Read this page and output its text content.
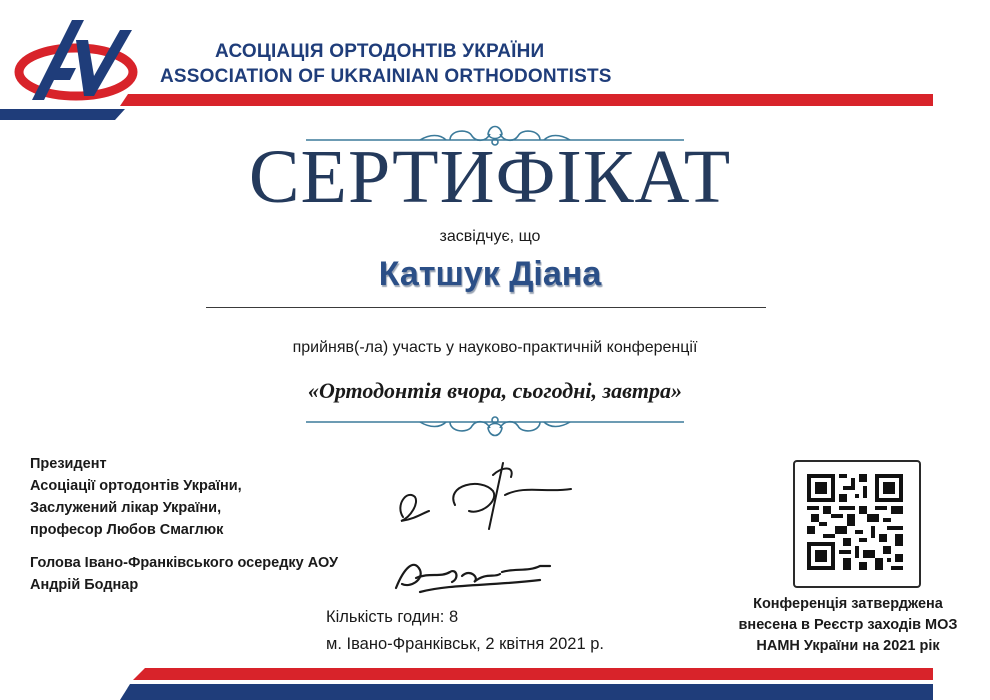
АСОЦІАЦІЯ ОРТОДОНТІВ УКРАЇНИ
ASSOCIATION OF UKRAINIAN ORTHODONTISTS
СЕРТИФІКАТ
засвідчує, що
Катшук Діана
прийняв(-ла) участь у науково-практичній конференції
«Ортодонтія вчора, сьогодні, завтра»
Президент
Асоціації ортодонтів України,
Заслужений лікар України,
професор Любов Смаглюк
Голова Івано-Франківського осередку АОУ
Андрій Боднар
Кількість годин: 8
м. Івано-Франківськ, 2 квітня 2021 р.
Конференція затверджена
внесена в Реєстр заходів МОЗ
НАМН України на 2021 рік
